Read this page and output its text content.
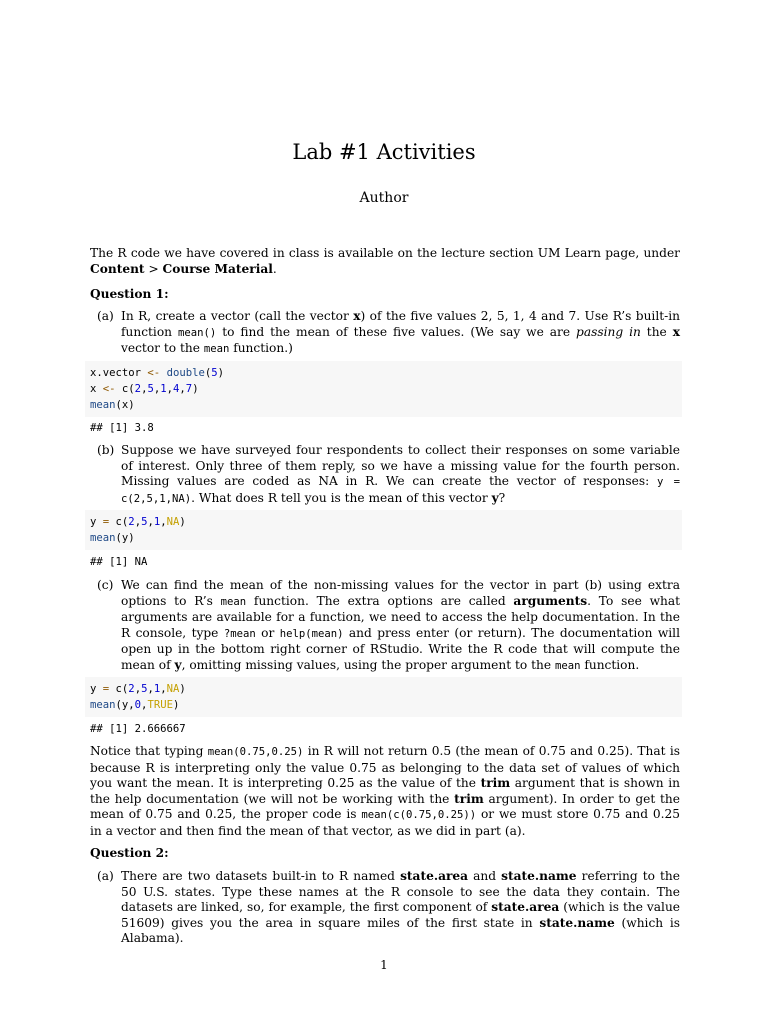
Lab #1 Activities
Author
The R code we have covered in class is available on the lecture section UM Learn page, under Content > Course Material.
Question 1:
(a) In R, create a vector (call the vector x) of the five values 2, 5, 1, 4 and 7. Use R’s built-in function mean() to find the mean of these five values. (We say we are passing in the x vector to the mean function.)
x.vector <- double(5)
x <- c(2,5,1,4,7)
mean(x)
## [1] 3.8
(b) Suppose we have surveyed four respondents to collect their responses on some variable of interest. Only three of them reply, so we have a missing value for the fourth person. Missing values are coded as NA in R. We can create the vector of responses: y = c(2,5,1,NA). What does R tell you is the mean of this vector y?
y = c(2,5,1,NA)
mean(y)
## [1] NA
(c) We can find the mean of the non-missing values for the vector in part (b) using extra options to R’s mean function. The extra options are called arguments. To see what arguments are available for a function, we need to access the help documentation. In the R console, type ?mean or help(mean) and press enter (or return). The documentation will open up in the bottom right corner of RStudio. Write the R code that will compute the mean of y, omitting missing values, using the proper argument to the mean function.
y = c(2,5,1,NA)
mean(y,0,TRUE)
## [1] 2.666667
Notice that typing mean(0.75,0.25) in R will not return 0.5 (the mean of 0.75 and 0.25). That is because R is interpreting only the value 0.75 as belonging to the data set of values of which you want the mean. It is interpreting 0.25 as the value of the trim argument that is shown in the help documentation (we will not be working with the trim argument). In order to get the mean of 0.75 and 0.25, the proper code is mean(c(0.75,0.25)) or we must store 0.75 and 0.25 in a vector and then find the mean of that vector, as we did in part (a).
Question 2:
(a) There are two datasets built-in to R named state.area and state.name referring to the 50 U.S. states. Type these names at the R console to see the data they contain. The datasets are linked, so, for example, the first component of state.area (which is the value 51609) gives you the area in square miles of the first state in state.name (which is Alabama).
1
